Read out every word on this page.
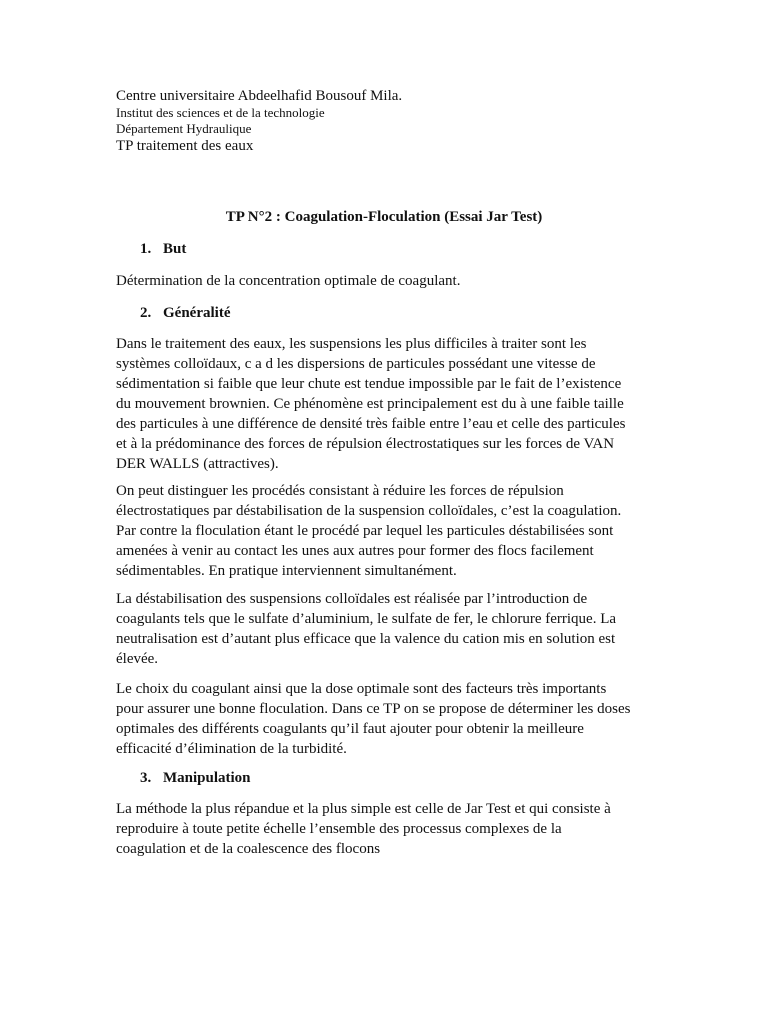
Centre universitaire Abdeelhafid Bousouf Mila.
Institut des sciences et de la technologie
Département Hydraulique
TP traitement des eaux
TP N°2 : Coagulation-Floculation (Essai Jar Test)
1. But
Détermination de la concentration optimale de coagulant.
2. Généralité
Dans le traitement des eaux, les suspensions les plus difficiles à traiter sont les
systèmes colloïdaux, c a d les dispersions de particules possédant une vitesse de
sédimentation si faible que leur chute est tendue impossible par le fait de l’existence
du mouvement brownien. Ce phénomène est principalement est du à une faible taille
des particules à une différence de densité très faible entre l’eau et celle des particules
et à la prédominance des forces de répulsion électrostatiques sur les forces de VAN
DER WALLS (attractives).
On peut distinguer les procédés consistant à réduire les forces de répulsion
électrostatiques par déstabilisation de la suspension colloïdales, c’est la coagulation.
Par contre la floculation étant le procédé par lequel les particules déstabilisées sont
amenées à venir au contact les unes aux autres pour former des flocs facilement
sédimentables. En pratique interviennent simultanément.
La déstabilisation des suspensions colloïdales est réalisée par l’introduction de
coagulants tels que le sulfate d’aluminium, le sulfate de fer, le chlorure ferrique. La
neutralisation est d’autant plus efficace que la valence du cation mis en solution est
élevée.
Le choix du coagulant ainsi que la dose optimale sont des facteurs très importants
pour assurer une bonne floculation. Dans ce TP on se propose de déterminer les doses
optimales des différents coagulants qu’il faut ajouter pour obtenir la meilleure
efficacité d’élimination de la turbidité.
3. Manipulation
La méthode la plus répandue et la plus simple est celle de Jar Test et qui consiste à
reproduire à toute petite échelle l’ensemble des processus complexes de la
coagulation et de la coalescence des flocons
